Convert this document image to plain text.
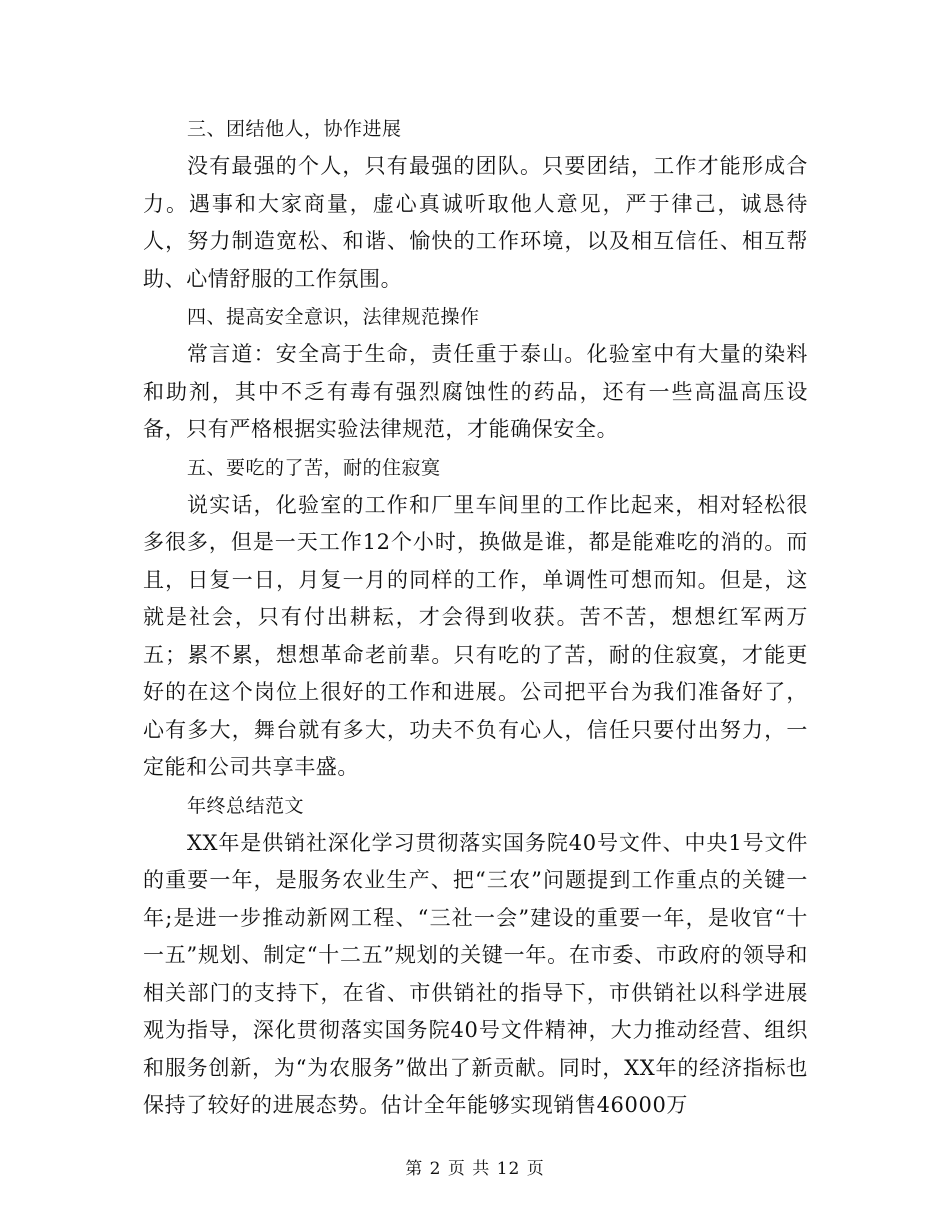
三、团结他人，协作进展
没有最强的个人，只有最强的团队。只要团结，工作才能形成合力。遇事和大家商量，虚心真诚听取他人意见，严于律己，诚恳待人，努力制造宽松、和谐、愉快的工作环境，以及相互信任、相互帮助、心情舒服的工作氛围。
四、提高安全意识，法律规范操作
常言道：安全高于生命，责任重于泰山。化验室中有大量的染料和助剂，其中不乏有毒有强烈腐蚀性的药品，还有一些高温高压设备，只有严格根据实验法律规范，才能确保安全。
五、要吃的了苦，耐的住寂寞
说实话，化验室的工作和厂里车间里的工作比起来，相对轻松很多很多，但是一天工作12个小时，换做是谁，都是能难吃的消的。而且，日复一日，月复一月的同样的工作，单调性可想而知。但是，这就是社会，只有付出耕耘，才会得到收获。苦不苦，想想红军两万五；累不累，想想革命老前辈。只有吃的了苦，耐的住寂寞，才能更好的在这个岗位上很好的工作和进展。公司把平台为我们准备好了，心有多大，舞台就有多大，功夫不负有心人，信任只要付出努力，一定能和公司共享丰盛。
年终总结范文
XX年是供销社深化学习贯彻落实国务院40号文件、中央1号文件的重要一年，是服务农业生产、把“三农”问题提到工作重点的关键一年;是进一步推动新网工程、“三社一会”建设的重要一年，是收官“十一五”规划、制定“十二五”规划的关键一年。在市委、市政府的领导和相关部门的支持下，在省、市供销社的指导下，市供销社以科学进展观为指导，深化贯彻落实国务院40号文件精神，大力推动经营、组织和服务创新，为“为农服务”做出了新贡献。同时，XX年的经济指标也保持了较好的进展态势。估计全年能够实现销售46000万
第 2 页 共 12 页
